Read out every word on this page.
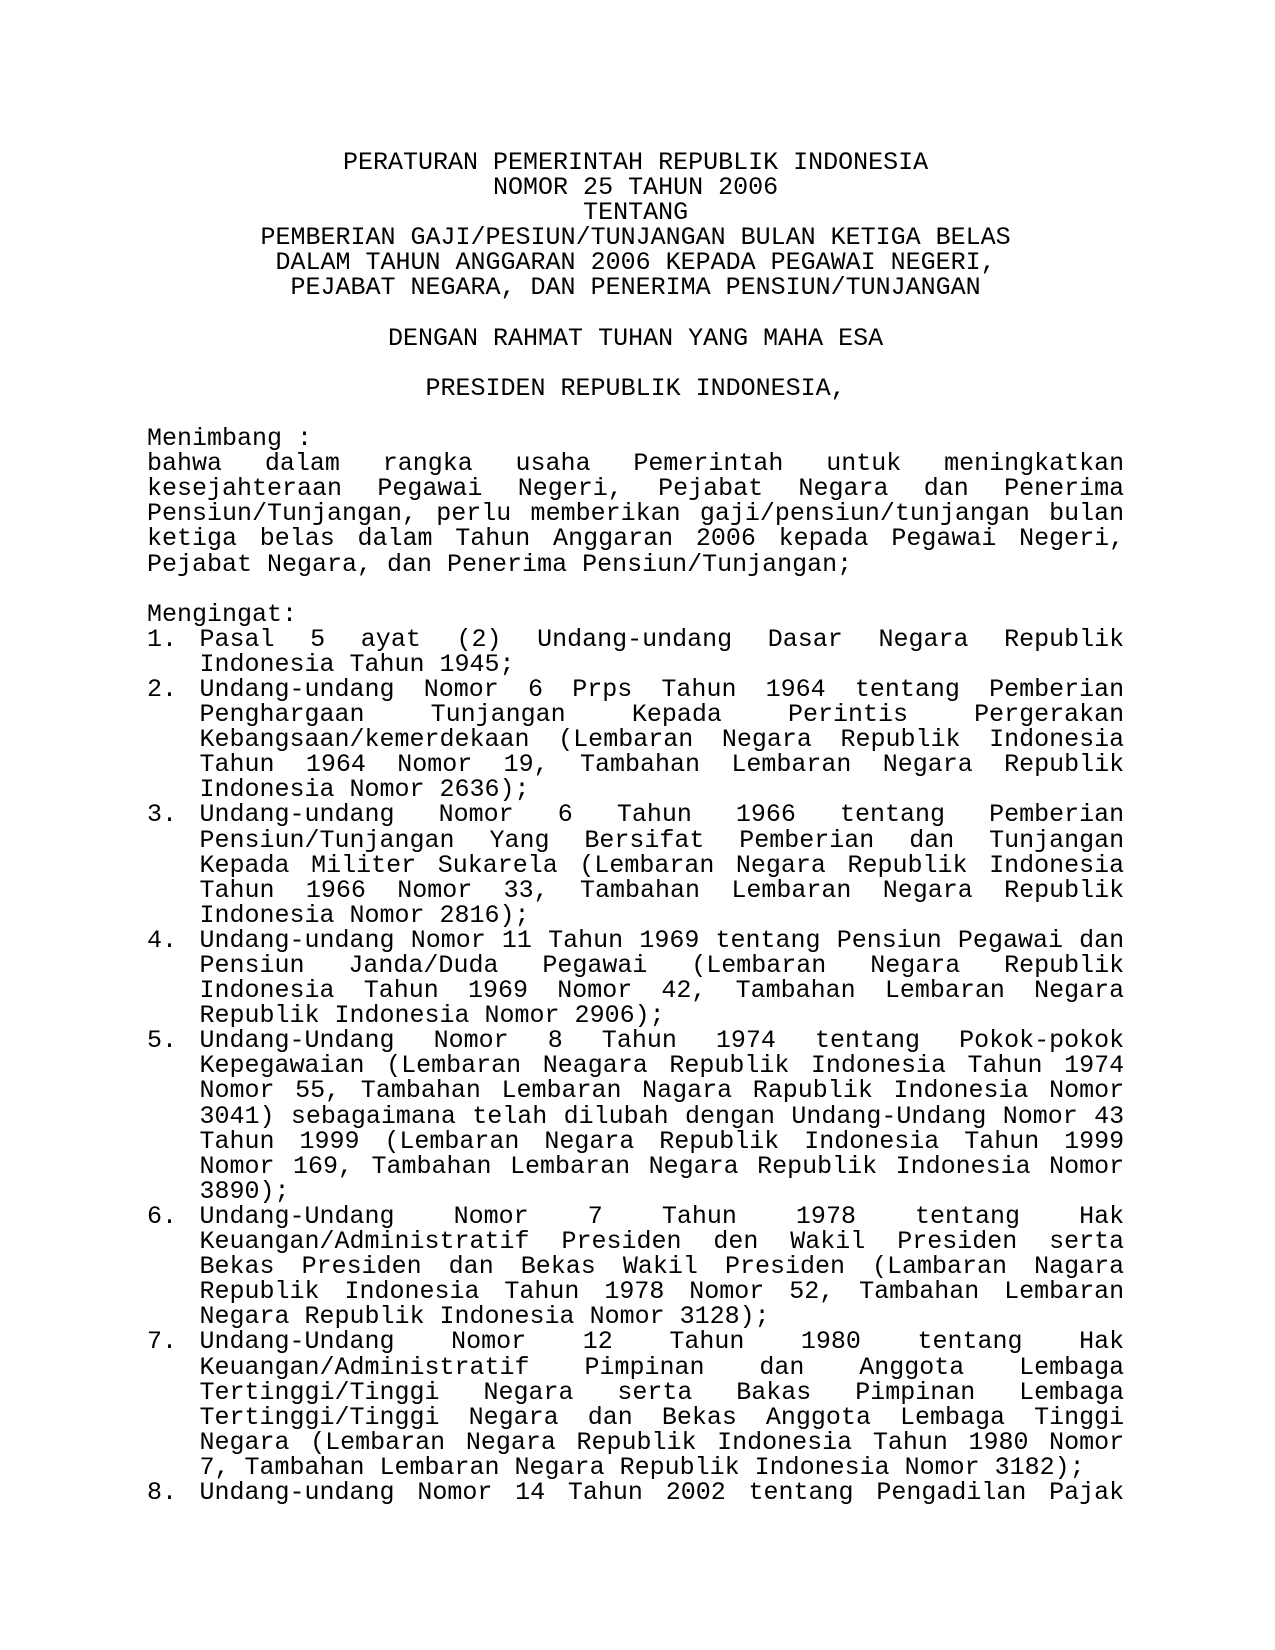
PERATURAN PEMERINTAH REPUBLIK INDONESIA
NOMOR 25 TAHUN 2006
TENTANG
PEMBERIAN GAJI⁠/⁠PESIUN⁠/⁠TUNJANGAN BULAN KETIGA BELAS
DALAM TAHUN ANGGARAN 2006 KEPADA PEGAWAI NEGERI,
PEJABAT NEGARA, DAN PENERIMA PENSIUN⁠/⁠TUNJANGAN
DENGAN RAHMAT TUHAN YANG MAHA ESA
PRESIDEN REPUBLIK INDONESIA,
Menimbang :
bahwa dalam rangka usaha Pemerintah untuk meningkatkan kesejahteraan Pegawai Negeri, Pejabat Negara dan Penerima Pensiun⁠/⁠Tunjangan, perlu memberikan gaji⁠/⁠pensiun⁠/⁠tunjangan bulan ketiga belas dalam Tahun Anggaran 2006 kepada Pegawai Negeri, Pejabat Negara, dan Penerima Pensiun⁠/⁠Tunjangan;
Mengingat:
1. Pasal 5 ayat (2) Undang⁠-⁠undang Dasar Negara Republik Indonesia Tahun 1945;
2. Undang⁠-⁠undang Nomor 6 Prps Tahun 1964 tentang Pemberian Penghargaan Tunjangan Kepada Perintis Pergerakan Kebangsaan⁠/⁠kemerdekaan (Lembaran Negara Republik Indonesia Tahun 1964 Nomor 19, Tambahan Lembaran Negara Republik Indonesia Nomor 2636);
3. Undang⁠-⁠undang Nomor 6 Tahun 1966 tentang Pemberian Pensiun⁠/⁠Tunjangan Yang Bersifat Pemberian dan Tunjangan Kepada Militer Sukarela (Lembaran Negara Republik Indonesia Tahun 1966 Nomor 33, Tambahan Lembaran Negara Republik Indonesia Nomor 2816);
4. Undang⁠-⁠undang Nomor 11 Tahun 1969 tentang Pensiun Pegawai dan Pensiun Janda⁠/⁠Duda Pegawai (Lembaran Negara Republik Indonesia Tahun 1969 Nomor 42, Tambahan Lembaran Negara Republik Indonesia Nomor 2906);
5. Undang⁠-⁠Undang Nomor 8 Tahun 1974 tentang Pokok⁠-⁠pokok Kepegawaian (Lembaran Neagara Republik Indonesia Tahun 1974 Nomor 55, Tambahan Lembaran Nagara Rapublik Indonesia Nomor 3041) sebagaimana telah dilubah dengan Undang⁠-⁠Undang Nomor 43 Tahun 1999 (Lembaran Negara Republik Indonesia Tahun 1999 Nomor 169, Tambahan Lembaran Negara Republik Indonesia Nomor 3890);
6. Undang⁠-⁠Undang Nomor 7 Tahun 1978 tentang Hak Keuangan⁠/⁠Administratif Presiden den Wakil Presiden serta Bekas Presiden dan Bekas Wakil Presiden (Lambaran Nagara Republik Indonesia Tahun 1978 Nomor 52, Tambahan Lembaran Negara Republik Indonesia Nomor 3128);
7. Undang⁠-⁠Undang Nomor 12 Tahun 1980 tentang Hak Keuangan⁠/⁠Administratif Pimpinan dan Anggota Lembaga Tertinggi⁠/⁠Tinggi Negara serta Bakas Pimpinan Lembaga Tertinggi⁠/⁠Tinggi Negara dan Bekas Anggota Lembaga Tinggi Negara (Lembaran Negara Republik Indonesia Tahun 1980 Nomor 7, Tambahan Lembaran Negara Republik Indonesia Nomor 3182);
8. Undang⁠-⁠undang Nomor 14 Tahun 2002 tentang Pengadilan Pajak
